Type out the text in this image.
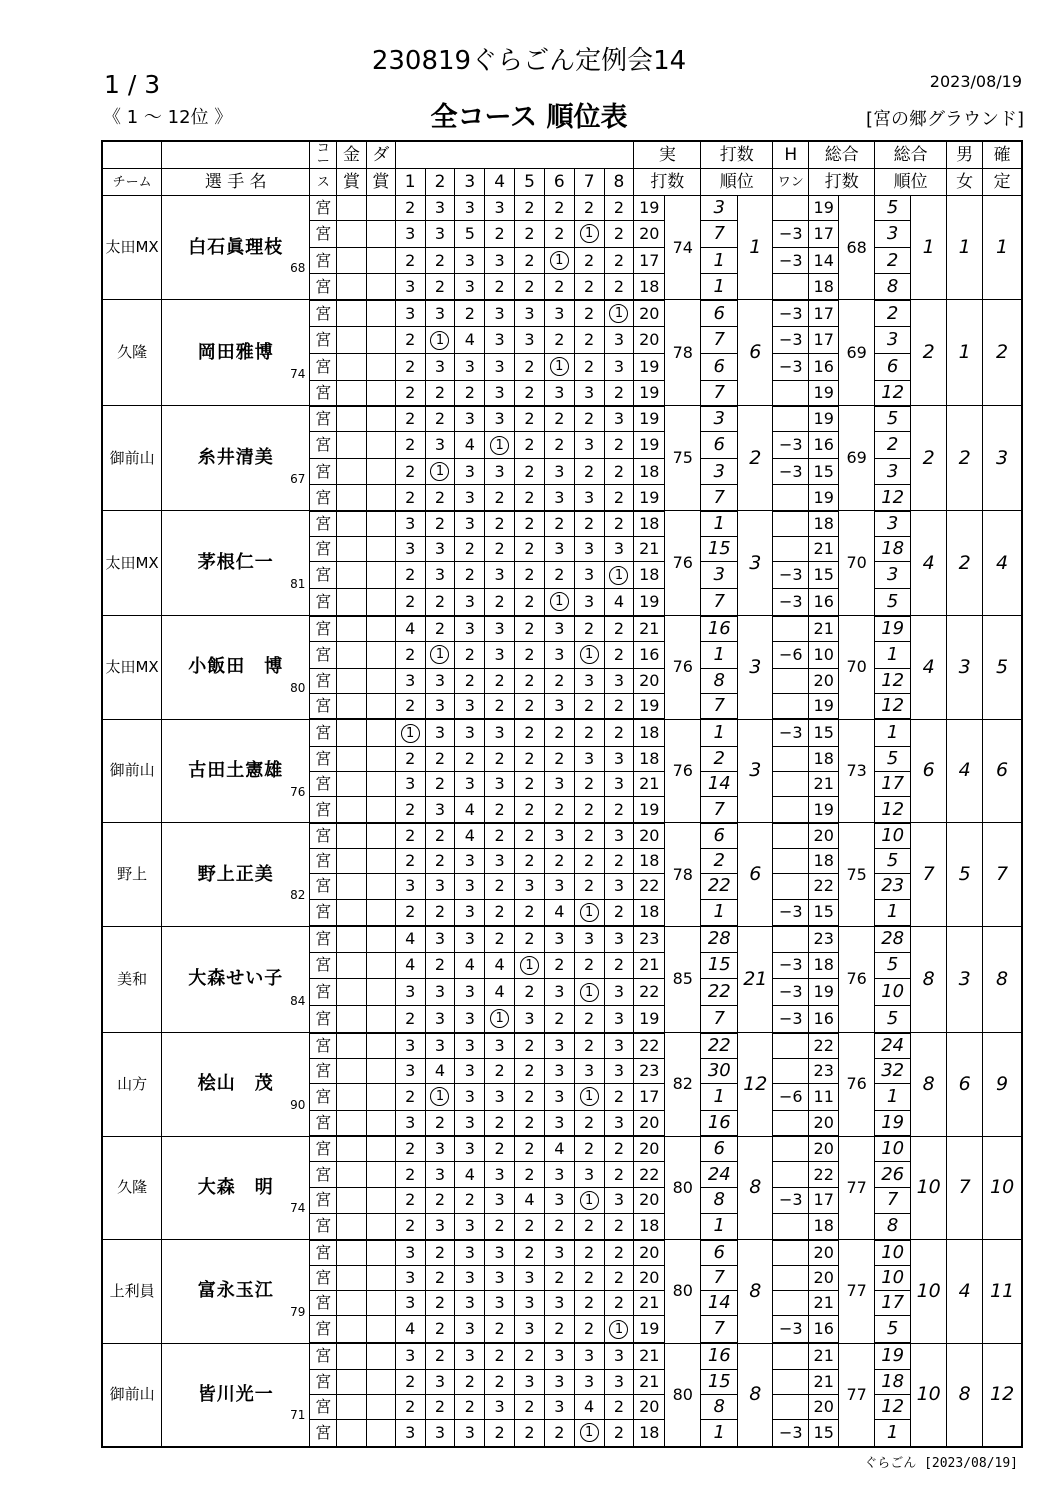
230819ぐらごん定例会14
1 / 3	2023/08/19
《 1 ～ 12位 》	全コース 順位表	[宮の郷グラウンド]
		コー	金	ダ									実		打数		H	総合		総合		男	確
チーム	選 手 名	ス	賞	賞	1	2	3	4	5	6	7	8	打数		順位		ワン	打数		順位		女	定
太田MX	白石眞理枝
68	宮			2	3	3	3	2	2	2	2	19	74	3	1		19	68	5	1	1	1
		宮			3	3	5	2	2	2	1	2	20		7		−3	17		3			
		宮			2	2	3	3	2	1	2	2	17		1		−3	14		2			
		宮			3	2	3	2	2	2	2	2	18		1			18		8			
久隆	岡田雅博
74	宮			3	3	2	3	3	3	2	1	20	78	6	6	−3	17	69	2	2	1	2
		宮			2	1	4	3	3	2	2	3	20		7		−3	17		3			
		宮			2	3	3	3	2	1	2	3	19		6		−3	16		6			
		宮			2	2	2	3	2	3	3	2	19		7			19		12			
御前山	糸井清美
67	宮			2	2	3	3	2	2	2	3	19	75	3	2		19	69	5	2	2	3
		宮			2	3	4	1	2	2	3	2	19		6		−3	16		2			
		宮			2	1	3	3	2	3	2	2	18		3		−3	15		3			
		宮			2	2	3	2	2	3	3	2	19		7			19		12			
太田MX	茅根仁一
81	宮			3	2	3	2	2	2	2	2	18	76	1	3		18	70	3	4	2	4
		宮			3	3	2	2	2	3	3	3	21		15			21		18			
		宮			2	3	2	3	2	2	3	1	18		3		−3	15		3			
		宮			2	2	3	2	2	1	3	4	19		7		−3	16		5			
太田MX	小飯田　博
80	宮			4	2	3	3	2	3	2	2	21	76	16	3		21	70	19	4	3	5
		宮			2	1	2	3	2	3	1	2	16		1		−6	10		1			
		宮			3	3	2	2	2	2	3	3	20		8			20		12			
		宮			2	3	3	2	2	3	2	2	19		7			19		12			
御前山	古田土憲雄
76	宮			1	3	3	3	2	2	2	2	18	76	1	3	−3	15	73	1	6	4	6
		宮			2	2	2	2	2	2	3	3	18		2			18		5			
		宮			3	2	3	3	2	3	2	3	21		14			21		17			
		宮			2	3	4	2	2	2	2	2	19		7			19		12			
野上	野上正美
82	宮			2	2	4	2	2	3	2	3	20	78	6	6		20	75	10	7	5	7
		宮			2	2	3	3	2	2	2	2	18		2			18		5			
		宮			3	3	3	2	3	3	2	3	22		22			22		23			
		宮			2	2	3	2	2	4	1	2	18		1		−3	15		1			
美和	大森せい子
84	宮			4	3	3	2	2	3	3	3	23	85	28	21		23	76	28	8	3	8
		宮			4	2	4	4	1	2	2	2	21		15		−3	18		5			
		宮			3	3	3	4	2	3	1	3	22		22		−3	19		10			
		宮			2	3	3	1	3	2	2	3	19		7		−3	16		5			
山方	桧山　茂
90	宮			3	3	3	3	2	3	2	3	22	82	22	12		22	76	24	8	6	9
		宮			3	4	3	2	2	3	3	3	23		30			23		32			
		宮			2	1	3	3	2	3	1	2	17		1		−6	11		1			
		宮			3	2	3	2	2	3	2	3	20		16			20		19			
久隆	大森　明
74	宮			2	3	3	2	2	4	2	2	20	80	6	8		20	77	10	10	7	10
		宮			2	3	4	3	2	3	3	2	22		24			22		26			
		宮			2	2	2	3	4	3	1	3	20		8		−3	17		7			
		宮			2	3	3	2	2	2	2	2	18		1			18		8			
上利員	富永玉江
79	宮			3	2	3	3	2	3	2	2	20	80	6	8		20	77	10	10	4	11
		宮			3	2	3	3	3	2	2	2	20		7			20		10			
		宮			3	2	3	3	3	3	2	2	21		14			21		17			
		宮			4	2	3	2	3	2	2	1	19		7		−3	16		5			
御前山	皆川光一
71	宮			3	2	3	2	2	3	3	3	21	80	16	8		21	77	19	10	8	12
		宮			2	3	2	2	3	3	3	3	21		15			21		18			
		宮			2	2	2	3	2	3	4	2	20		8			20		12			
		宮			3	3	3	2	2	2	1	2	18		1		−3	15		1			
ぐらごん [2023/08/19]
